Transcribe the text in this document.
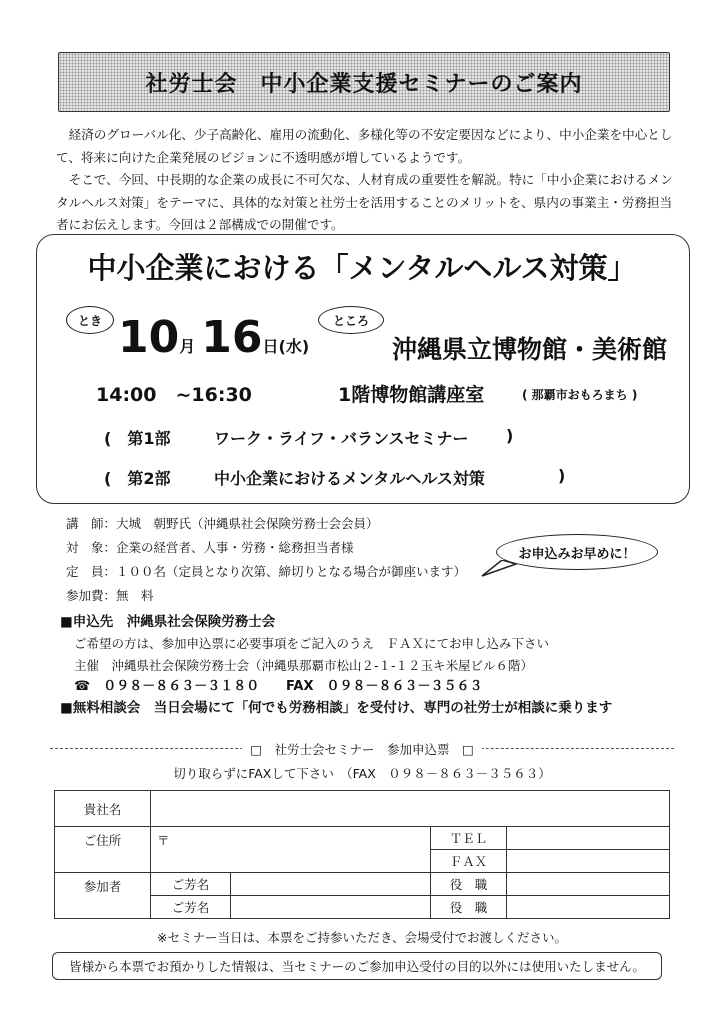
社労士会　中小企業支援セミナーのご案内

経済のグローバル化、少子高齢化、雇用の流動化、多様化等の不安定要因などにより、中小企業を中心として、将来に向けた企業発展のビジョンに不透明感が増しているようです。

そこで、今回、中長期的な企業の成長に不可欠な、人材育成の重要性を解説。特に「中小企業におけるメンタルヘルス対策」をテーマに、具体的な対策と社労士を活用することのメリットを、県内の事業主・労務担当者にお伝えします。今回は２部構成での開催です。

中小企業における「メンタルヘルス対策」
とき	ところ
10月 16日(水)	沖縄県立博物館・美術館
14:00　~16:30	1階博物館講座室	( 那覇市おもろまち )
(　第1部	ワーク・ライフ・バランスセミナー )
(　第2部	中小企業におけるメンタルヘルス対策	)
講　師：大城　朝野氏（沖縄県社会保険労務士会会員）
対　象：企業の経営者、人事・労務・総務担当者様
定　員：１００名（定員となり次第、締切りとなる場合が御座います）
参加費：無　料
お申込みお早めに！
■申込先　沖縄県社会保険労務士会
ご希望の方は、参加申込票に必要事項をご記入のうえ　ＦＡＸにてお申し込み下さい
主催　沖縄県社会保険労務士会（沖縄県那覇市松山２-１-１２玉キ米屋ビル６階）
☎　０９８－８６３－３１８０ FAX　０９８－８６３－３５６３
■無料相談会　当日会場にて「何でも労務相談」を受付け、専門の社労士が相談に乗ります
□　社労士会セミナー　参加申込票　□
切り取らずにFAXして下さい　（FAX　０９８－８６３－３５６３）
貴社名				
ご住所	〒		ＴＥＬ	
			ＦＡＸ	
参加者	ご芳名		役　職	
	ご芳名		役　職	
※セミナー当日は、本票をご持参いただき、会場受付でお渡しください。
皆様から本票でお預かりした情報は、当セミナーのご参加申込受付の目的以外には使用いたしません。
